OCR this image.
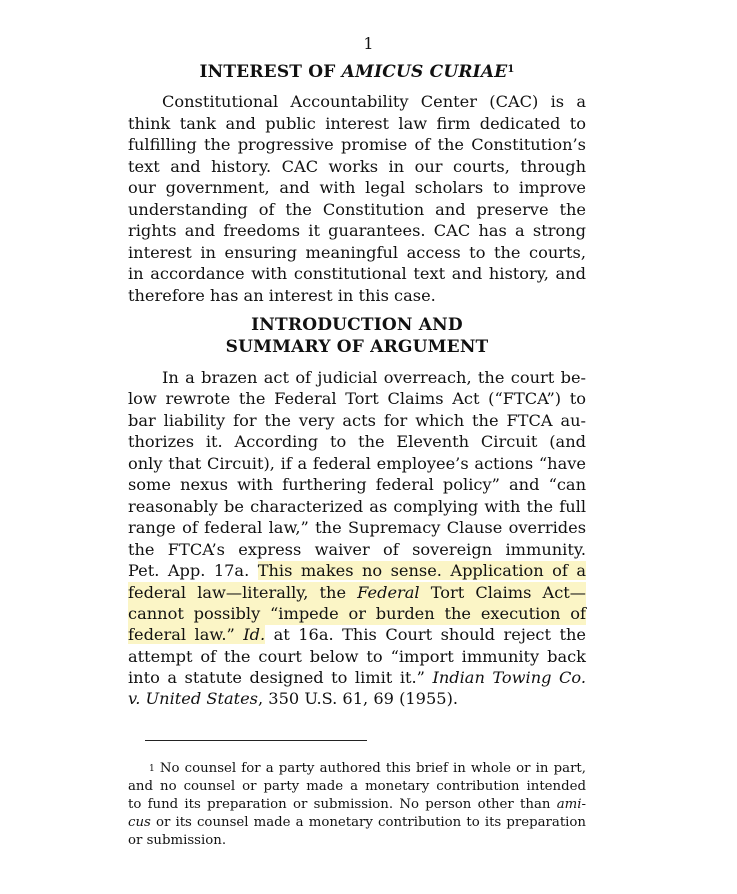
1
INTEREST OF AMICUS CURIAE$^1$
Constitutional Accountability Center (CAC) is a
think tank and public interest law firm dedicated to
fulfilling the progressive promise of the Constitution’s
text and history. CAC works in our courts, through
our government, and with legal scholars to improve
understanding of the Constitution and preserve the
rights and freedoms it guarantees. CAC has a strong
interest in ensuring meaningful access to the courts,
in accordance with constitutional text and history, and
therefore has an interest in this case.
INTRODUCTION AND
SUMMARY OF ARGUMENT
In a brazen act of judicial overreach, the court be-
low rewrote the Federal Tort Claims Act (“FTCA”) to
bar liability for the very acts for which the FTCA au-
thorizes it. According to the Eleventh Circuit (and
only that Circuit), if a federal employee’s actions “have
some nexus with furthering federal policy” and “can
reasonably be characterized as complying with the full
range of federal law,” the Supremacy Clause overrides
the FTCA’s express waiver of sovereign immunity.
Pet. App. 17a. This makes no sense. Application of a
federal law—literally, the Federal Tort Claims Act—
cannot possibly “impede or burden the execution of
federal law.” Id. at 16a. This Court should reject the
attempt of the court below to “import immunity back
into a statute designed to limit it.” Indian Towing Co.
v. United States, 350 U.S. 61, 69 (1955).
$^1$ No counsel for a party authored this brief in whole or in part,
and no counsel or party made a monetary contribution intended
to fund its preparation or submission. No person other than ami-
cus or its counsel made a monetary contribution to its preparation
or submission.
